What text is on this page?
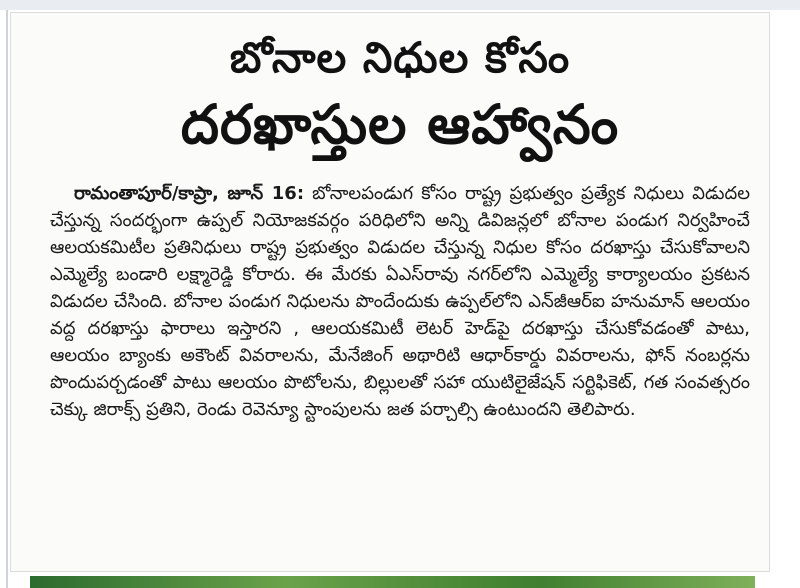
బోనాల నిధుల కోసం
దరఖాస్తుల ఆహ్వానం
రామంతాపూర్/కాప్రా, జూన్ 16: బోనాలపండుగ కోసం రాష్ట్ర ప్రభుత్వం ప్రత్యేక నిధులు విడుదల చేస్తున్న సందర్భంగా ఉప్పల్ నియోజకవర్గం పరిధిలోని అన్ని డివిజన్లలో బోనాల పండుగ నిర్వహించే ఆలయకమిటీల ప్రతినిధులు రాష్ట్ర ప్రభుత్వం విడుదల చేస్తున్న నిధుల కోసం దరఖాస్తు చేసుకోవాలని ఎమ్మెల్యే బండారి లక్ష్మారెడ్డి కోరారు. ఈ మేరకు ఏఎస్‌రావు నగర్‌లోని ఎమ్మెల్యే కార్యాలయం ప్రకటన విడుదల చేసింది. బోనాల పండుగ నిధులను పొందేందుకు ఉప్పల్‌లోని ఎన్‌జీఆర్ఐ హనుమాన్ ఆలయం వద్ద దరఖాస్తు ఫారాలు ఇస్తారని , ఆలయకమిటీ లెటర్ హెడ్‌పై దరఖాస్తు చేసుకోవడంతో పాటు, ఆలయం బ్యాంకు అకౌంట్ వివరాలను, మేనేజింగ్ అథారిటి ఆధార్‌కార్డు వివరాలను, ఫోన్ నంబర్లను పొందుపర్చడంతో పాటు ఆలయం పొటోలను, బిల్లులతో సహా యుటిలైజేషన్ సర్టిఫికెట్, గత సంవత్సరం చెక్కు జిరాక్స్ ప్రతిని, రెండు రెవెన్యూ స్టాంపులను జత పర్చాల్సి ఉంటుందని తెలిపారు.
